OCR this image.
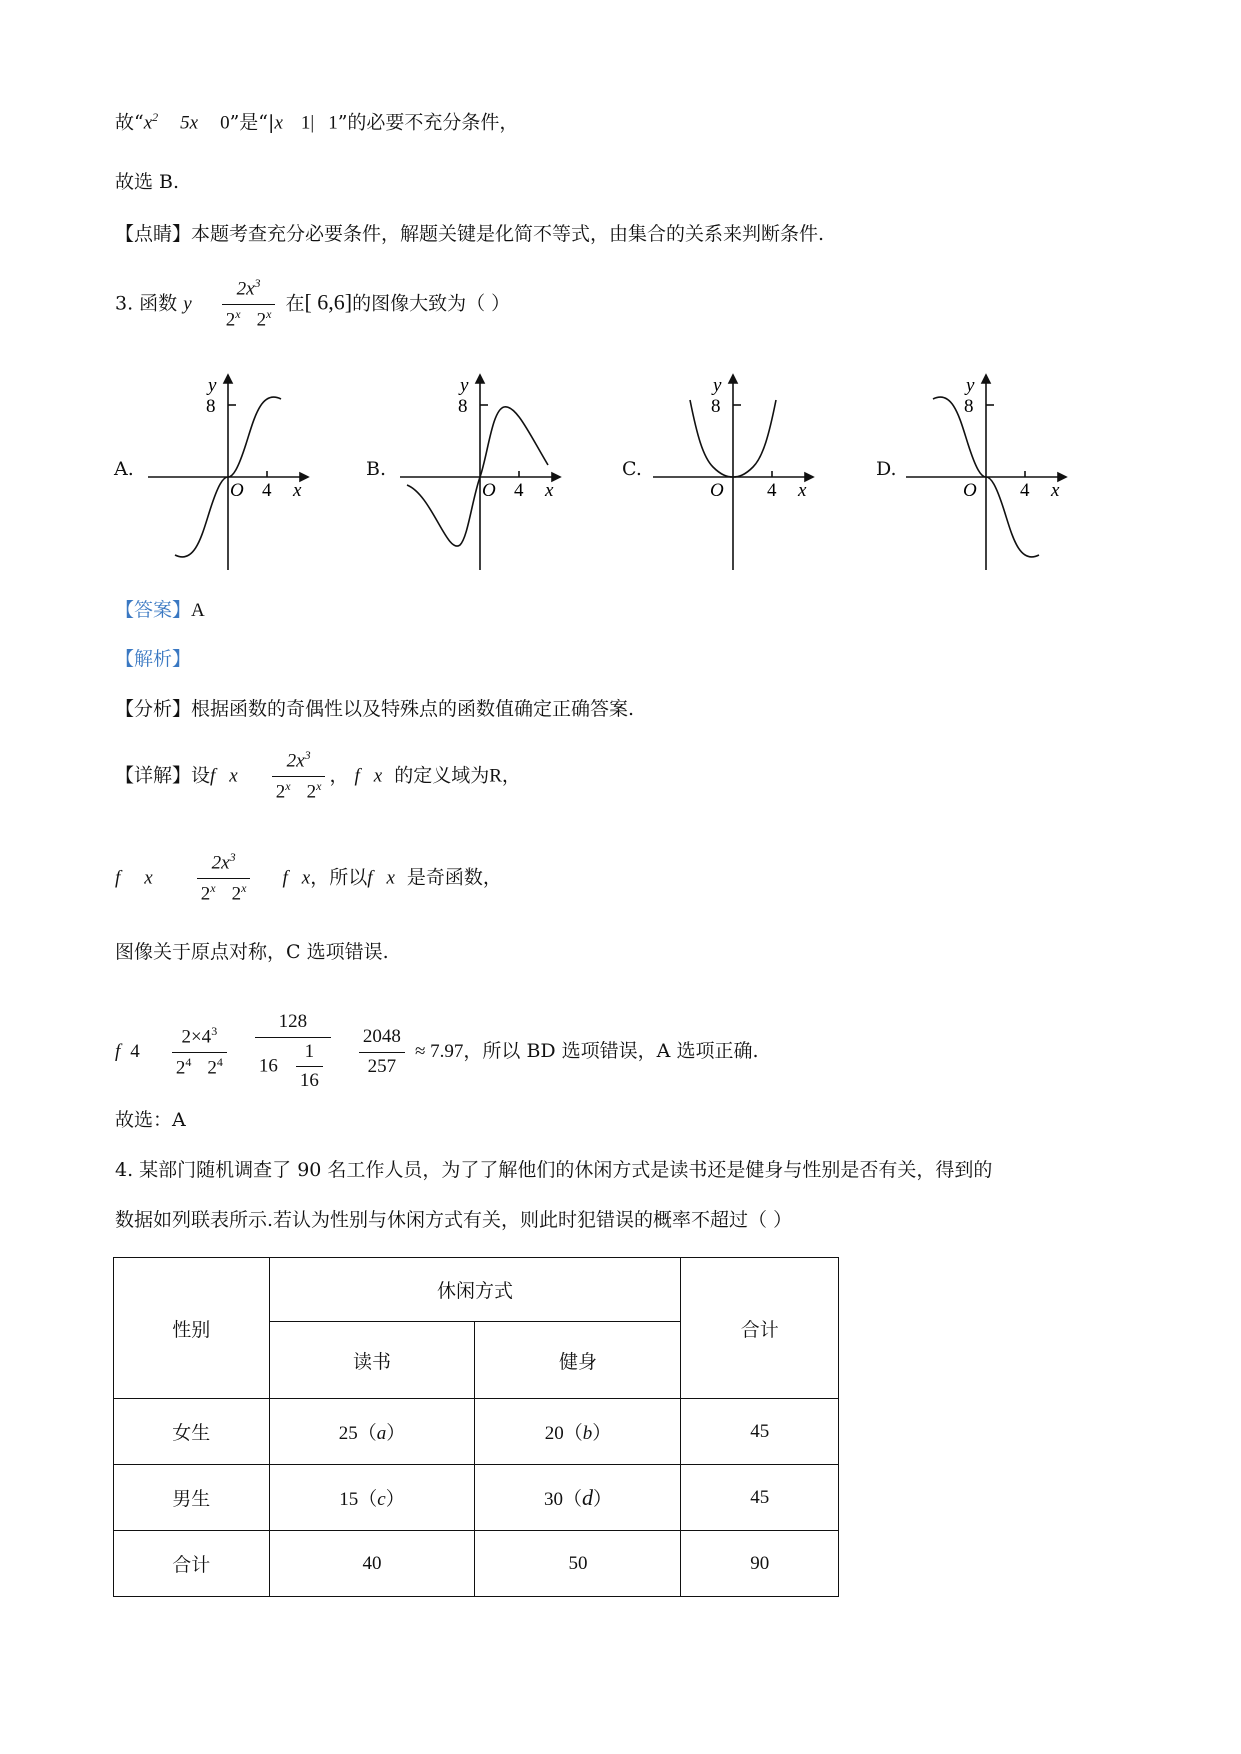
故“$x^2$ 5x 0”是“|x 1| 1”的必要不充分条件，
故选 B.
【点睛】本题考查充分必要条件，解题关键是化简不等式，由集合的关系来判断条件.
3. 函数 y $\frac{2x^3}{2^x 2^x}$ 在[ 6,6]的图像大致为（ ）
A.	B.	C.	D.
y
8
O 4 x
y
8
O 4 x
y
8
O 4 x
y
8
O 4 x
【答案】A
【解析】
【分析】根据函数的奇偶性以及特殊点的函数值确定正确答案.
【详解】设f x $\frac{2x^3}{2^x 2^x}$ ， f x 的定义域为R，
f x $\frac{2x^3}{2^x 2^x}$ f x，所以f x 是奇函数，
图像关于原点对称，C 选项错误.
f $4 \frac{2\times 4^3}{2^4 2^4}$
$\frac{128}{16 \frac{1}{16}}$
$\frac{2048}{257} \approx 7.97$，所以 BD 选项错误，A 选项正确.
故选：A
4. 某部门随机调查了 90 名工作人员，为了了解他们的休闲方式是读书还是健身与性别是否有关，得到的
数据如列联表所示.若认为性别与休闲方式有关，则此时犯错误的概率不超过（ ）
性别	休闲方式		合计
	读书	健身	
女生	25（a）	20（b）	45
男生	15（c）	30（d）	45
合计	40	50	90
